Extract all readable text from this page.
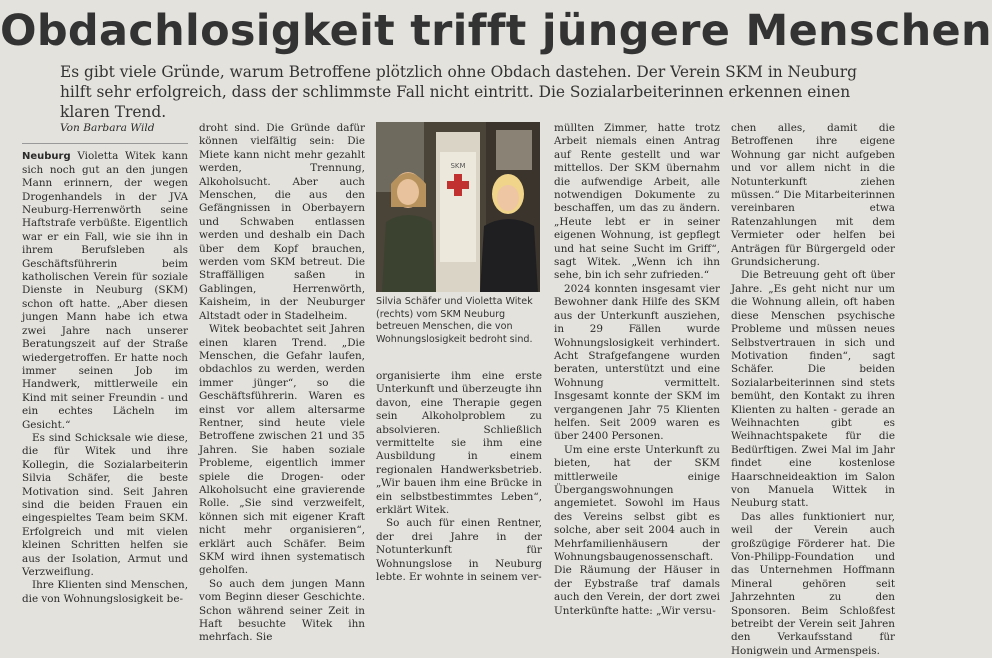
Obdachlosigkeit trifft jüngere Menschen
Es gibt viele Gründe, warum Betroffene plötzlich ohne Obdach dastehen. Der Verein SKM in Neuburg hilft sehr erfolgreich, dass der schlimmste Fall nicht eintritt. Die Sozialarbeiterinnen erkennen einen klaren Trend.
Von Barbara Wild

Neuburg Violetta Witek kann sich noch gut an den jungen Mann erinnern, der wegen Drogenhandels in der JVA Neuburg-Herrenwörth seine Haftstrafe verbüßte. Eigentlich war er ein Fall, wie sie ihn in ihrem Berufsleben als Geschäftsführerin beim katholischen Verein für soziale Dienste in Neuburg (SKM) schon oft hatte. „Aber diesen jungen Mann habe ich etwa zwei Jahre nach unserer Beratungszeit auf der Straße wiedergetroffen. Er hatte noch immer seinen Job im Handwerk, mittlerweile ein Kind mit seiner Freundin - und ein echtes Lächeln im Gesicht.“

Es sind Schicksale wie diese, die für Witek und ihre Kollegin, die Sozialarbeiterin Silvia Schäfer, die beste Motivation sind. Seit Jahren sind die beiden Frauen ein eingespieltes Team beim SKM. Erfolgreich und mit vielen kleinen Schritten helfen sie aus der Isolation, Armut und Verzweiflung.

Ihre Klienten sind Menschen, die von Wohnungslosigkeit be-

droht sind. Die Gründe dafür können vielfältig sein: Die Miete kann nicht mehr gezahlt werden, Trennung, Alkoholsucht. Aber auch Menschen, die aus den Gefängnissen in Oberbayern und Schwaben entlassen werden und deshalb ein Dach über dem Kopf brauchen, werden vom SKM betreut. Die Straffälligen saßen in Gablingen, Herrenwörth, Kaisheim, in der Neuburger Altstadt oder in Stadelheim.

Witek beobachtet seit Jahren einen klaren Trend. „Die Menschen, die Gefahr laufen, obdachlos zu werden, werden immer jünger“, so die Geschäftsführerin. Waren es einst vor allem altersarme Rentner, sind heute viele Betroffene zwischen 21 und 35 Jahren. Sie haben soziale Probleme, eigentlich immer spiele die Drogen- oder Alkoholsucht eine gravierende Rolle. „Sie sind verzweifelt, können sich mit eigener Kraft nicht mehr organisieren“, erklärt auch Schäfer. Beim SKM wird ihnen systematisch geholfen.

So auch dem jungen Mann vom Beginn dieser Geschichte. Schon während seiner Zeit in Haft besuchte Witek ihn mehrfach. Sie

SKM
Silvia Schäfer und Violetta Witek (rechts) vom SKM Neuburg betreuen Menschen, die von Wohnungslosigkeit bedroht sind.

organisierte ihm eine erste Unterkunft und überzeugte ihn davon, eine Therapie gegen sein Alkoholproblem zu absolvieren. Schließlich vermittelte sie ihm eine Ausbildung in einem regionalen Handwerksbetrieb. „Wir bauen ihm eine Brücke in ein selbstbestimmtes Leben“, erklärt Witek.

So auch für einen Rentner, der drei Jahre in der Notunterkunft für Wohnungslose in Neuburg lebte. Er wohnte in seinem ver-

müllten Zimmer, hatte trotz Arbeit niemals einen Antrag auf Rente gestellt und war mittellos. Der SKM übernahm die aufwendige Arbeit, alle notwendigen Dokumente zu beschaffen, um das zu ändern. „Heute lebt er in seiner eigenen Wohnung, ist gepflegt und hat seine Sucht im Griff“, sagt Witek. „Wenn ich ihn sehe, bin ich sehr zufrieden.“

2024 konnten insgesamt vier Bewohner dank Hilfe des SKM aus der Unterkunft ausziehen, in 29 Fällen wurde Wohnungslosigkeit verhindert. Acht Strafgefangene wurden beraten, unterstützt und eine Wohnung vermittelt. Insgesamt konnte der SKM im vergangenen Jahr 75 Klienten helfen. Seit 2009 waren es über 2400 Personen.

Um eine erste Unterkunft zu bieten, hat der SKM mittlerweile einige Übergangswohnungen angemietet. Sowohl im Haus des Vereins selbst gibt es solche, aber seit 2004 auch in Mehrfamilienhäusern der Wohnungsbaugenossenschaft. Die Räumung der Häuser in der Eybstraße traf damals auch den Verein, der dort zwei Unterkünfte hatte: „Wir versu-

chen alles, damit die Betroffenen ihre eigene Wohnung gar nicht aufgeben und vor allem nicht in die Notunterkunft ziehen müssen.“ Die Mitarbeiterinnen vereinbaren etwa Ratenzahlungen mit dem Vermieter oder helfen bei Anträgen für Bürgergeld oder Grundsicherung.

Die Betreuung geht oft über Jahre. „Es geht nicht nur um die Wohnung allein, oft haben diese Menschen psychische Probleme und müssen neues Selbstvertrauen in sich und Motivation finden“, sagt Schäfer. Die beiden Sozialarbeiterinnen sind stets bemüht, den Kontakt zu ihren Klienten zu halten - gerade an Weihnachten gibt es Weihnachtspakete für die Bedürftigen. Zwei Mal im Jahr findet eine kostenlose Haarschneideaktion im Salon von Manuela Wittek in Neuburg statt.

Das alles funktioniert nur, weil der Verein auch großzügige Förderer hat. Die Von-Philipp-Foundation und das Unternehmen Hoffmann Mineral gehören seit Jahrzehnten zu den Sponsoren. Beim Schloßfest betreibt der Verein seit Jahren den Verkaufsstand für Honigwein und Armenspeis.
